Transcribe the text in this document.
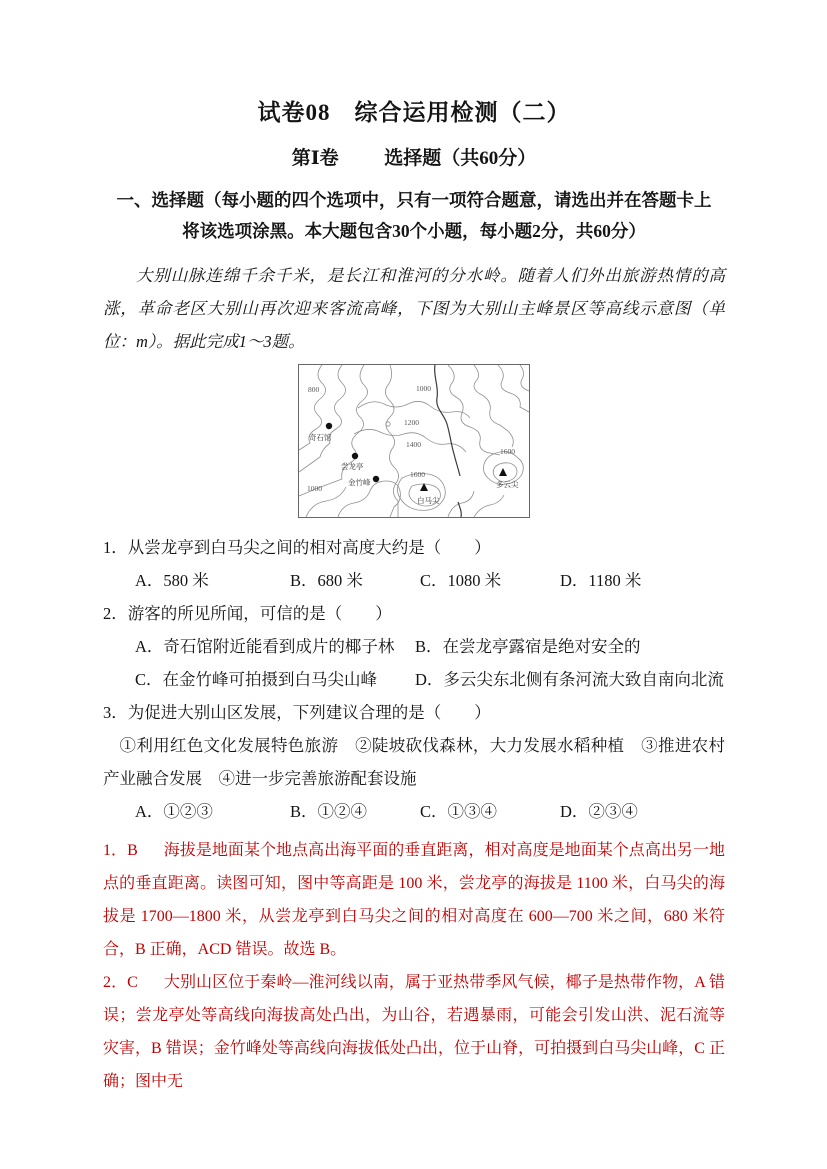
试卷08　综合运用检测（二）
第Ⅰ卷 选择题（共60分）
一、选择题（每小题的四个选项中，只有一项符合题意，请选出并在答题卡上
将该选项涂黑。本大题包含30个小题，每小题2分，共60分）

大别山脉连绵千余千米，是长江和淮河的分水岭。随着人们外出旅游热情的高涨，革命老区大别山再次迎来客流高峰，下图为大别山主峰景区等高线示意图（单位：m）。据此完成1～3题。

800	1000
1200
1400
1600
1600
1000
奇石馆
尝龙亭
金竹峰
白马尖
多云尖

1．从尝龙亭到白马尖之间的相对高度大约是（　　）

A．580 米	B．680 米	C．1080 米	D．1180 米

2．游客的所见所闻，可信的是（　　）

A．奇石馆附近能看到成片的椰子林	B．在尝龙亭露宿是绝对安全的
C．在金竹峰可拍摄到白马尖山峰	D．多云尖东北侧有条河流大致自南向北流

3．为促进大别山区发展，下列建议合理的是（　　）

①利用红色文化发展特色旅游　②陡坡砍伐森林，大力发展水稻种植　③推进农村产业融合发展　④进一步完善旅游配套设施

A．①②③	B．①②④	C．①③④	D．②③④

1．B 海拔是地面某个地点高出海平面的垂直距离，相对高度是地面某个点高出另一地点的垂直距离。读图可知，图中等高距是 100 米，尝龙亭的海拔是 1100 米，白马尖的海拔是 1700—1800 米，从尝龙亭到白马尖之间的相对高度在 600—700 米之间，680 米符合，B 正确，ACD 错误。故选 B。

2．C 大别山区位于秦岭—淮河线以南，属于亚热带季风气候，椰子是热带作物，A 错误；尝龙亭处等高线向海拔高处凸出，为山谷，若遇暴雨，可能会引发山洪、泥石流等灾害，B 错误；金竹峰处等高线向海拔低处凸出，位于山脊，可拍摄到白马尖山峰，C 正确；图中无
